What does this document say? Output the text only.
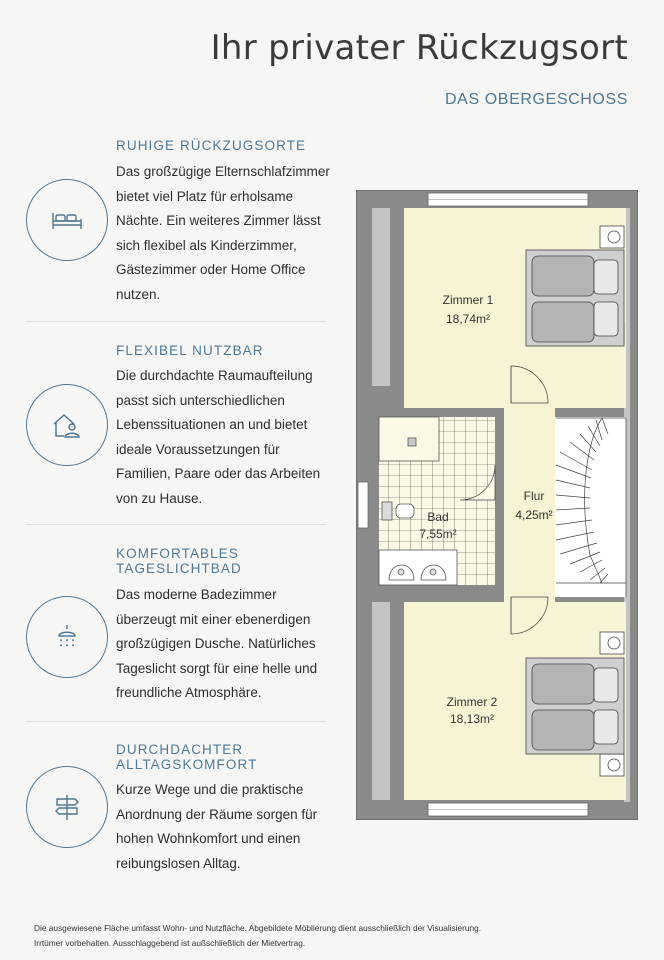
Ihr privater Rückzugsort
DAS OBERGESCHOSS
RUHIGE RÜCKZUGSORTE
Das großzügige Elternschlafzimmer bietet viel Platz für erholsame Nächte. Ein weiteres Zimmer lässt sich flexibel als Kinderzimmer, Gästezimmer oder Home Office nutzen.
FLEXIBEL NUTZBAR
Die durchdachte Raumaufteilung passt sich unterschiedlichen Lebenssituationen an und bietet ideale Voraussetzungen für Familien, Paare oder das Arbeiten von zu Hause.
KOMFORTABLES TAGESLICHTBAD
Das moderne Badezimmer überzeugt mit einer ebenerdigen großzügigen Dusche. Natürliches Tageslicht sorgt für eine helle und freundliche Atmosphäre.
DURCHDACHTER ALLTAGSKOMFORT
Kurze Wege und die praktische Anordnung der Räume sorgen für hohen Wohnkomfort und einen reibungslosen Alltag.
Zimmer 1
18,74m²
Bad
7,55m²
Flur
4,25m²
Zimmer 2
18,13m²
Die ausgewiesene Fläche umfasst Wohn- und Nutzfläche. Abgebildete Möblierung dient ausschließlich der Visualisierung.
Irrtümer vorbehalten. Ausschlaggebend ist außschließlich der Mietvertrag.
